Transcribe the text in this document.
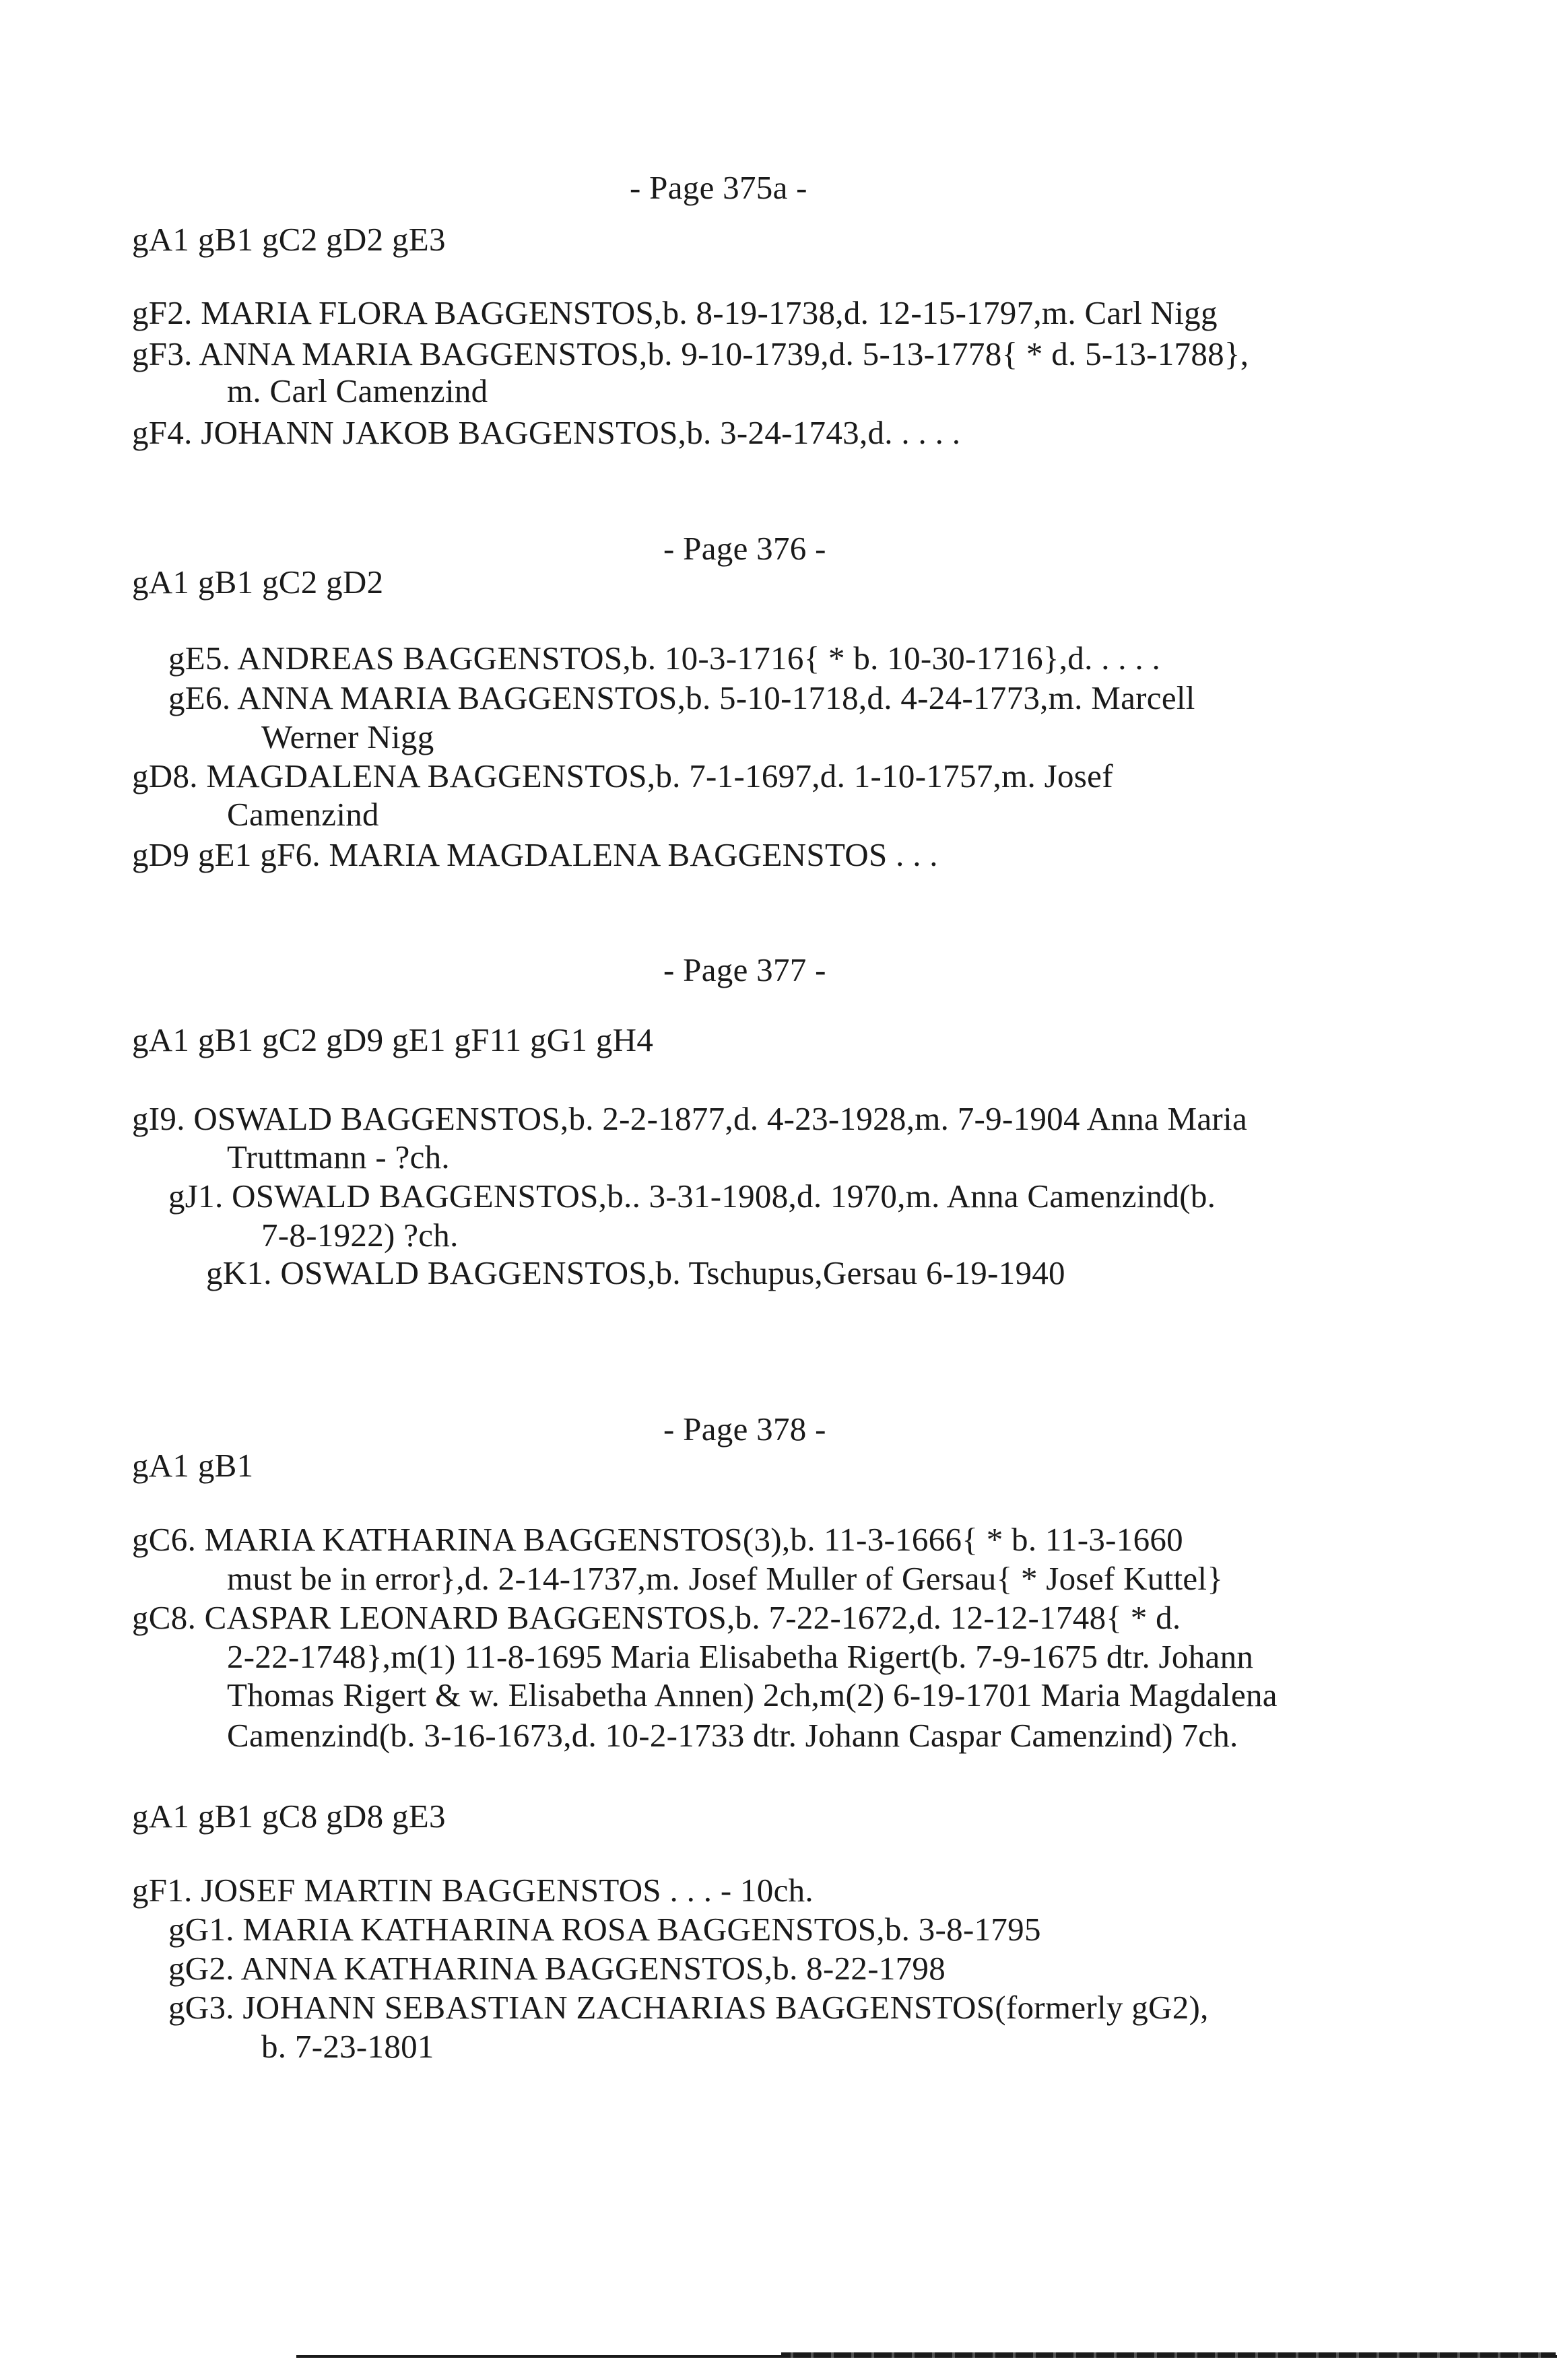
- Page 375a -
gA1 gB1 gC2 gD2 gE3
gF2. MARIA FLORA BAGGENSTOS,b. 8-19-1738,d. 12-15-1797,m. Carl Nigg
gF3. ANNA MARIA BAGGENSTOS,b. 9-10-1739,d. 5-13-1778{ * d. 5-13-1788},
m. Carl Camenzind
gF4. JOHANN JAKOB BAGGENSTOS,b. 3-24-1743,d. . . . .
- Page 376 -
gA1 gB1 gC2 gD2
gE5. ANDREAS BAGGENSTOS,b. 10-3-1716{ * b. 10-30-1716},d. . . . .
gE6. ANNA MARIA BAGGENSTOS,b. 5-10-1718,d. 4-24-1773,m. Marcell
Werner Nigg
gD8. MAGDALENA BAGGENSTOS,b. 7-1-1697,d. 1-10-1757,m. Josef
Camenzind
gD9 gE1 gF6. MARIA MAGDALENA BAGGENSTOS . . .
- Page 377 -
gA1 gB1 gC2 gD9 gE1 gF11 gG1 gH4
gI9. OSWALD BAGGENSTOS,b. 2-2-1877,d. 4-23-1928,m. 7-9-1904 Anna Maria
Truttmann - ?ch.
gJ1. OSWALD BAGGENSTOS,b.. 3-31-1908,d. 1970,m. Anna Camenzind(b.
7-8-1922) ?ch.
gK1. OSWALD BAGGENSTOS,b. Tschupus,Gersau 6-19-1940
- Page 378 -
gA1 gB1
gC6. MARIA KATHARINA BAGGENSTOS(3),b. 11-3-1666{ * b. 11-3-1660
must be in error},d. 2-14-1737,m. Josef Muller of Gersau{ * Josef Kuttel}
gC8. CASPAR LEONARD BAGGENSTOS,b. 7-22-1672,d. 12-12-1748{ * d.
2-22-1748},m(1) 11-8-1695 Maria Elisabetha Rigert(b. 7-9-1675 dtr. Johann
Thomas Rigert & w. Elisabetha Annen) 2ch,m(2) 6-19-1701 Maria Magdalena
Camenzind(b. 3-16-1673,d. 10-2-1733 dtr. Johann Caspar Camenzind) 7ch.
gA1 gB1 gC8 gD8 gE3
gF1. JOSEF MARTIN BAGGENSTOS . . . - 10ch.
gG1. MARIA KATHARINA ROSA BAGGENSTOS,b. 3-8-1795
gG2. ANNA KATHARINA BAGGENSTOS,b. 8-22-1798
gG3. JOHANN SEBASTIAN ZACHARIAS BAGGENSTOS(formerly gG2),
b. 7-23-1801
